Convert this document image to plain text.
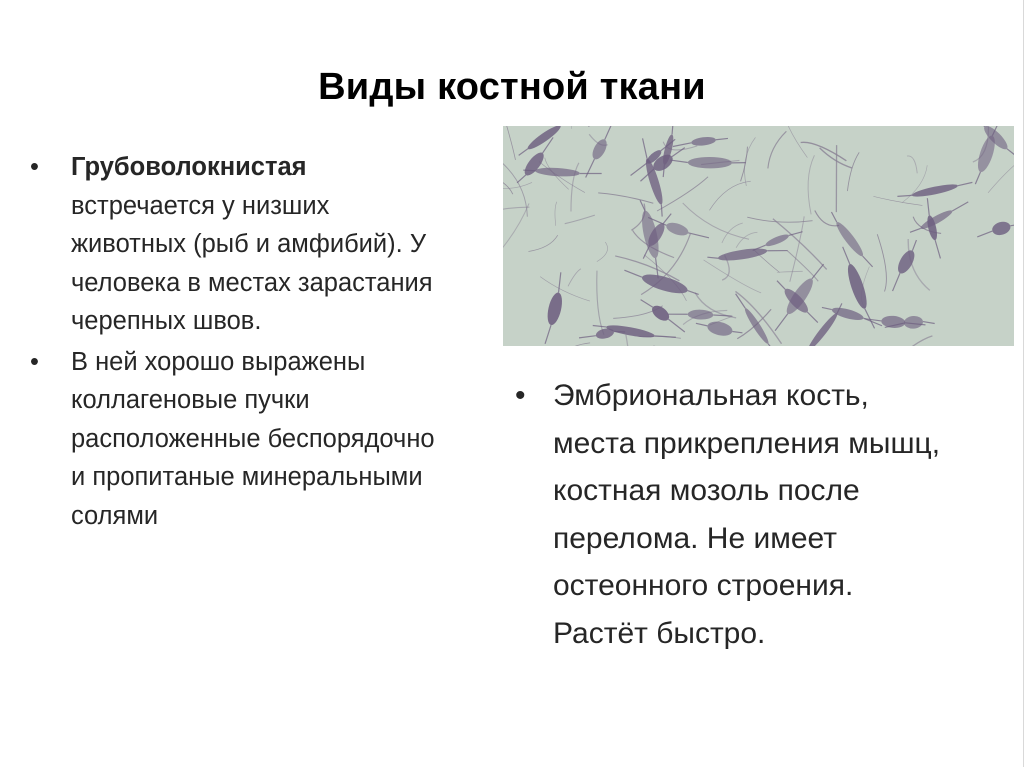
Виды костной ткани
• Грубоволокнистая встречается у низших животных (рыб и амфибий). У человека в местах зарастания черепных швов.
• В ней хорошо выражены коллагеновые пучки расположенные беспорядочно и пропитаные минеральными солями
• Эмбриональная кость, места прикрепления мышц, костная мозоль после перелома. Не имеет остеонного строения. Растёт быстро.
